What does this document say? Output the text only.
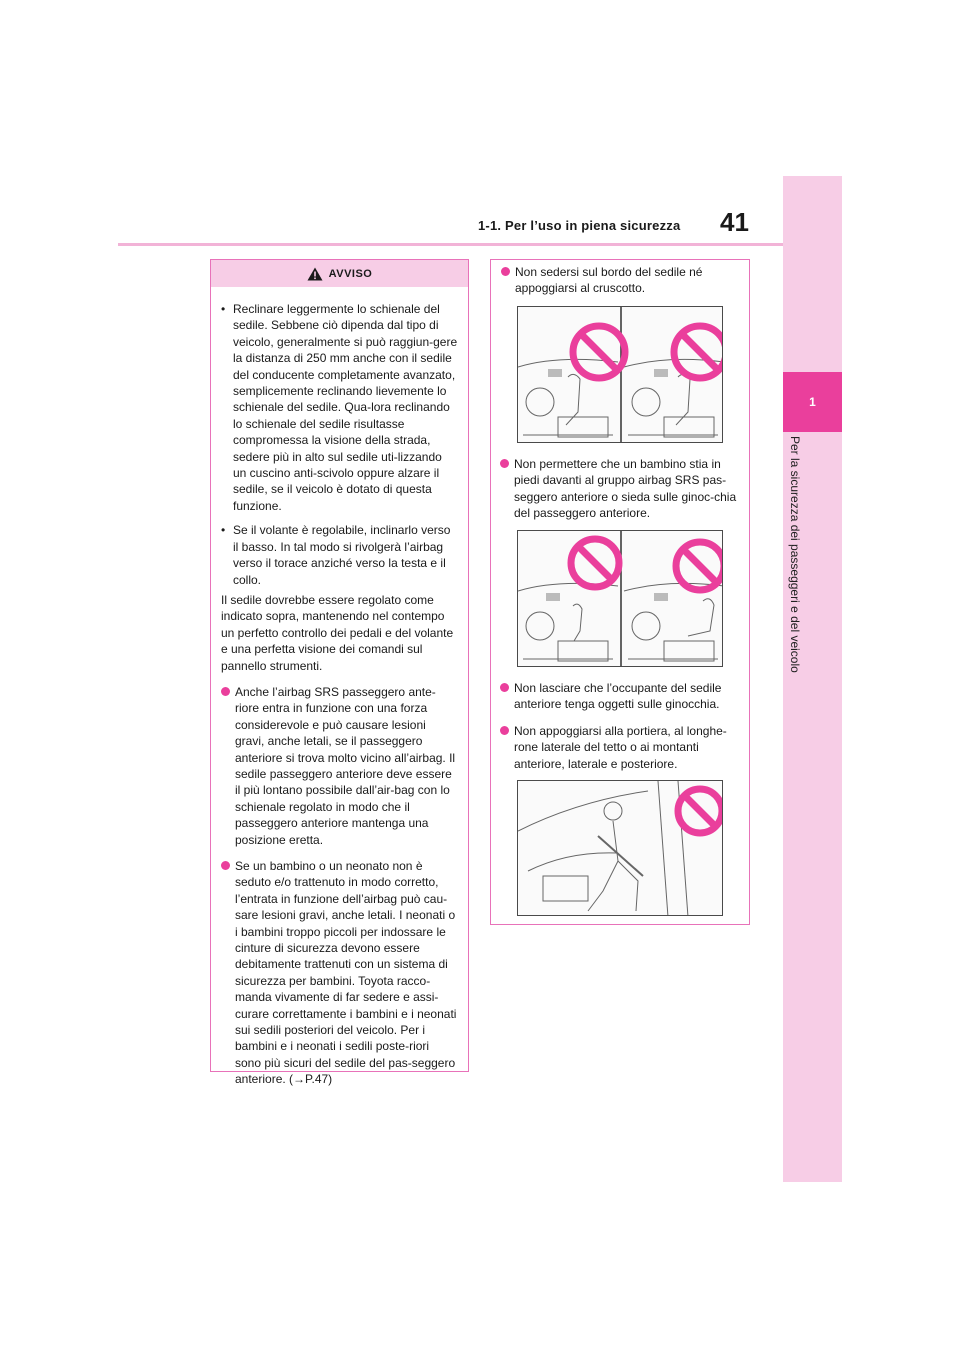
1-1. Per l’uso in piena sicurezza 41
1
Per la sicurezza dei passeggeri e del veicolo
AVVISO
• Reclinare leggermente lo schienale del sedile. Sebbene ciò dipenda dal tipo di veicolo, generalmente si può raggiun-gere la distanza di 250 mm anche con il sedile del conducente completamente avanzato, semplicemente reclinando lievemente lo schienale del sedile. Qua-lora reclinando lo schienale del sedile risultasse compromessa la visione della strada, sedere più in alto sul sedile uti-lizzando un cuscino anti-scivolo oppure alzare il sedile, se il veicolo è dotato di questa funzione.
• Se il volante è regolabile, inclinarlo verso il basso. In tal modo si rivolgerà l’airbag verso il torace anziché verso la testa e il collo.
Il sedile dovrebbe essere regolato come indicato sopra, mantenendo nel contempo un perfetto controllo dei pedali e del volante e una perfetta visione dei comandi sul pannello strumenti.
Anche l’airbag SRS passeggero ante-riore entra in funzione con una forza considerevole e può causare lesioni gravi, anche letali, se il passeggero anteriore si trova molto vicino all’airbag. Il sedile passeggero anteriore deve essere il più lontano possibile dall’air-bag con lo schienale regolato in modo che il passeggero anteriore mantenga una posizione eretta.
Se un bambino o un neonato non è seduto e/o trattenuto in modo corretto, l’entrata in funzione dell’airbag può cau-sare lesioni gravi, anche letali. I neonati o i bambini troppo piccoli per indossare le cinture di sicurezza devono essere debitamente trattenuti con un sistema di sicurezza per bambini. Toyota racco-manda vivamente di far sedere e assi-curare correttamente i bambini e i neonati sui sedili posteriori del veicolo. Per i bambini e i neonati i sedili poste-riori sono più sicuri del sedile del pas-seggero anteriore. (→P.47)
Non sedersi sul bordo del sedile né appoggiarsi al cruscotto.
Non permettere che un bambino stia in piedi davanti al gruppo airbag SRS pas-seggero anteriore o sieda sulle ginoc-chia del passeggero anteriore.
Non lasciare che l’occupante del sedile anteriore tenga oggetti sulle ginocchia.
Non appoggiarsi alla portiera, al longhe-rone laterale del tetto o ai montanti anteriore, laterale e posteriore.
